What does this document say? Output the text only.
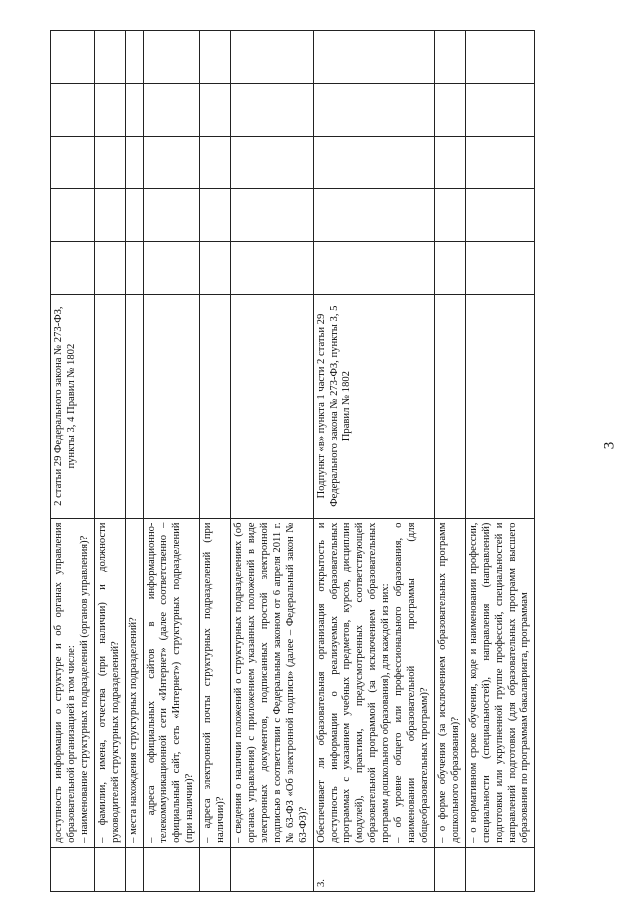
3

	доступность информации о структуре и об органах управления образовательной организацией в том числе: – наименование структурных подразделений (органов управления)?	2 статьи 29 Федерального закона № 273-ФЗ, пункты 3, 4 Правил № 1802					

	– фамилии, имена, отчества (при наличии) и должности руководителей структурных подразделений?						

	– места нахождения структурных подразделений?						

	– адреса официальных сайтов в информационно-телекоммуникационной сети «Интернет» (далее соответственно – официальный сайт, сеть «Интернет») структурных подразделений (при наличии)?						

	– адреса электронной почты структурных подразделений (при наличии)?						

	– сведения о наличии положений о структурных подразделениях (об органах управления) с приложением указанных положений в виде электронных документов, подписанных простой электронной подписью в соответствии с Федеральным законом от 6 апреля 2011 г. № 63-ФЗ «Об электронной подписи» (далее – Федеральный закон № 63-ФЗ)?						

3.	Обеспечивает ли образовательная организация открытость и доступность информации о реализуемых образовательных программах с указанием учебных предметов, курсов, дисциплин (модулей), практики, предусмотренных соответствующей образовательной программой (за исключением образовательных программ дошкольного образования), для каждой из них: – об уровне общего или профессионального образования, о наименовании образовательной программы (для общеобразовательных программ)?	Подпункт «в» пункта 1 части 2 статьи 29 Федерального закона № 273-ФЗ, пункты 3, 5 Правил № 1802					

	– о форме обучения (за исключением образовательных программ дошкольного образования)?						

	– о нормативном сроке обучения, коде и наименовании профессии, специальности (специальностей), направления (направлений) подготовки или укрупненной группе профессий, специальностей и направлений подготовки (для образовательных программ высшего образования по программам бакалавриата, программам						
